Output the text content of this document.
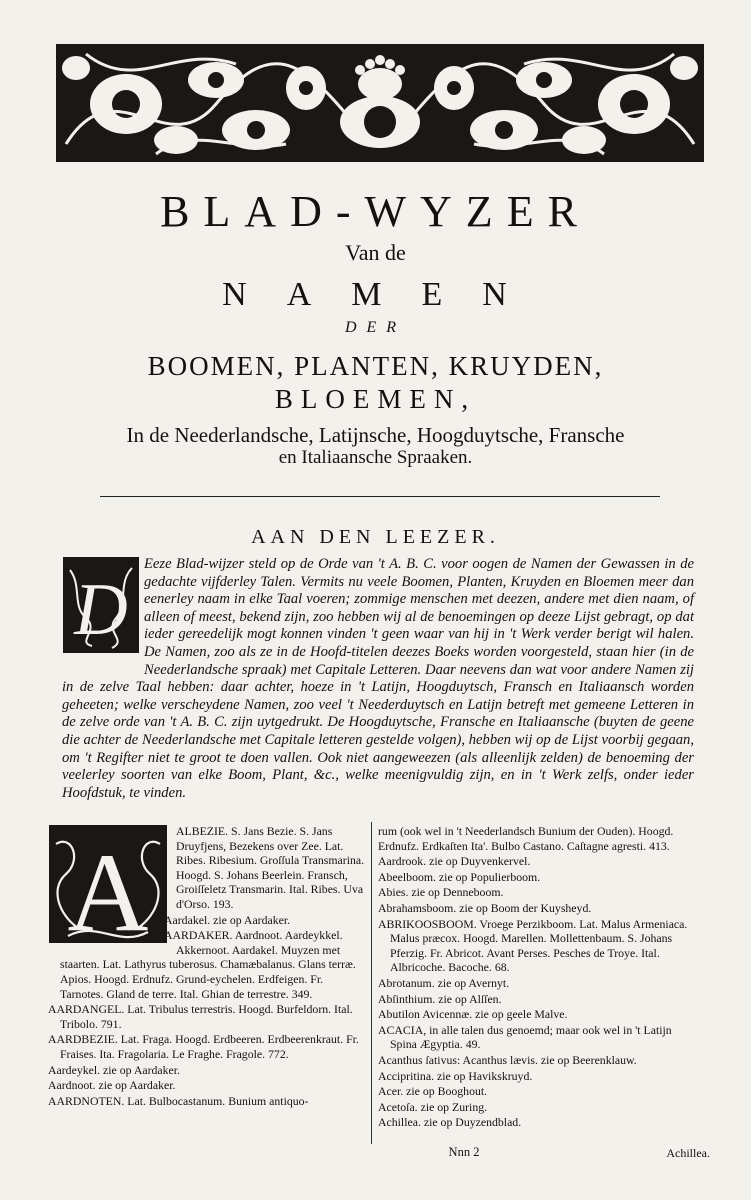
BLAD-WYZER
Van de
NAMEN
DER
BOOMEN, PLANTEN, KRUYDEN,
BLOEMEN,
In de Neederlandsche, Latijnsche, Hoogduytsche, Fransche
en Italiaansche Spraaken.
AAN DEN LEEZER.
D
Eeze Blad-wijzer steld op de Orde van 't A. B. C. voor oogen de Namen der Gewassen in de gedachte vijfderley Talen. Vermits nu veele Boomen, Planten, Kruyden en Bloemen meer dan eenerley naam in elke Taal voeren; zommige menschen met deezen, andere met dien naam, of alleen of meest, bekend zijn, zoo hebben wij al de benoemingen op deeze Lijst gebragt, op dat ieder gereedelijk mogt konnen vinden 't geen waar van hij in 't Werk verder berigt wil halen. De Namen, zoo als ze in de Hoofd-titelen deezes Boeks worden voorgesteld, staan hier (in de Neederlandsche spraak) met Capitale Letteren. Daar neevens dan wat voor andere Namen zij in de zelve Taal hebben: daar achter, hoeze in 't Latijn, Hoogduytsch, Fransch en Italiaansch worden geheeten; welke verscheydene Namen, zoo veel 't Neederduytsch en Latijn betreft met gemeene Letteren in de zelve orde van 't A. B. C. zijn uytgedrukt. De Hoogduytsche, Fransche en Italiaansche (buyten de geene die achter de Neederlandsche met Capitale letteren gestelde volgen), hebben wij op de Lijst voorbij gegaan, om 't Regifter niet te groot te doen vallen. Ook niet aangeweezen (als alleenlijk zelden) de benoeming der veelerley soorten van elke Boom, Plant, &c., welke meenigvuldig zijn, en in 't Werk zelfs, onder ieder Hoofdstuk, te vinden.
A	ALBEZIE. S. Jans Bezie. S. Jans Druyfjens, Bezekens over Zee. Lat. Ribes. Ribesium. Groſſula Transmarina. Hoogd. S. Johans Beerlein. Fransch, Groiſſeletz Transmarin. Ital. Ribes. Uva d'Orso. 193.
Aardakel. zie op Aardaker.
AARDAKER. Aardnoot. Aardeykkel. Akkernoot. Aardakel. Muyzen met staarten. Lat. Lathyrus tuberosus. Chamæbalanus. Glans terræ. Apios. Hoogd. Erdnufz. Grund-eychelen. Erdfeigen. Fr. Tarnotes. Gland de terre. Ital. Ghian de terrestre. 349.
AARDANGEL. Lat. Tribulus terrestris. Hoogd. Burfeldorn. Ital. Tribolo. 791.
AARDBEZIE. Lat. Fraga. Hoogd. Erdbeeren. Erdbeerenkraut. Fr. Fraises. Ita. Fragolaria. Le Fraghe. Fragole. 772.
Aardeykel. zie op Aardaker.
Aardnoot. zie op Aardaker.
AARDNOTEN. Lat. Bulbocastanum. Bunium antiquo-
rum (ook wel in 't Neederlandsch Bunium der Ouden). Hoogd. Erdnufz. Erdkaſten Ita'. Bulbo Castano. Caſtagne agresti. 413.
Aardrook. zie op Duyvenkervel.
Abeelboom. zie op Populierboom.
Abies. zie op Denneboom.
Abrahamsboom. zie op Boom der Kuysheyd.
ABRIKOOSBOOM. Vroege Perzikboom. Lat. Malus Armeniaca. Malus præcox. Hoogd. Marellen. Mollettenbaum. S. Johans Pferzig. Fr. Abricot. Avant Perses. Pesches de Troye. Ital. Albricoche. Bacoche. 68.
Abrotanum. zie op Avernyt.
Abſinthium. zie op Alſſen.
Abutilon Avicennæ. zie op geele Malve.
ACACIA, in alle talen dus genoemd; maar ook wel in 't Latijn Spina Ægyptia. 49.
Acanthus ſativus: Acanthus lævis. zie op Beerenklauw.
Accipritina. zie op Havikskruyd.
Acer. zie op Booghout.
Acetoſa. zie op Zuring.
Achillea. zie op Duyzendblad.
Nnn 2	Achillea.
